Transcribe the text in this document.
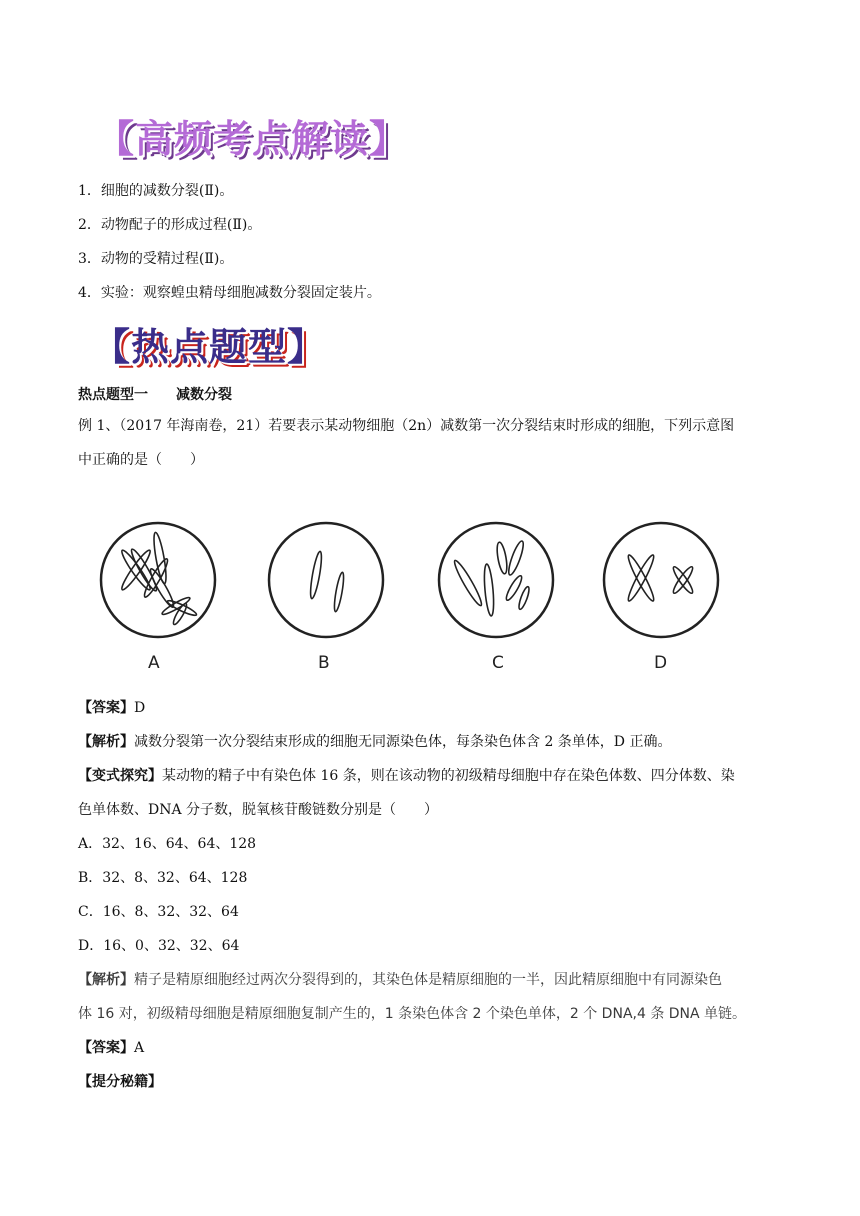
【高频考点解读】
1．细胞的减数分裂(Ⅱ)。
2．动物配子的形成过程(Ⅱ)。
3．动物的受精过程(Ⅱ)。
4．实验：观察蝗虫精母细胞减数分裂固定装片。
【热点题型】
热点题型一　　减数分裂
例 1、（2017 年海南卷，21）若要表示某动物细胞（2n）减数第一次分裂结束时形成的细胞，下列示意图
中正确的是（　　）
A	B	C	D
【答案】D
【解析】减数分裂第一次分裂结束形成的细胞无同源染色体，每条染色体含 2 条单体，D 正确。
【变式探究】某动物的精子中有染色体 16 条，则在该动物的初级精母细胞中存在染色体数、四分体数、染
色单体数、DNA 分子数，脱氧核苷酸链数分别是（　　）
A．32、16、64、64、128
B．32、8、32、64、128
C．16、8、32、32、64
D．16、0、32、32、64
【解析】精子是精原细胞经过两次分裂得到的，其染色体是精原细胞的一半，因此精原细胞中有同源染色
体 16 对，初级精母细胞是精原细胞复制产生的，1 条染色体含 2 个染色单体，2 个 DNA,4 条 DNA 单链。
【答案】A
【提分秘籍】
